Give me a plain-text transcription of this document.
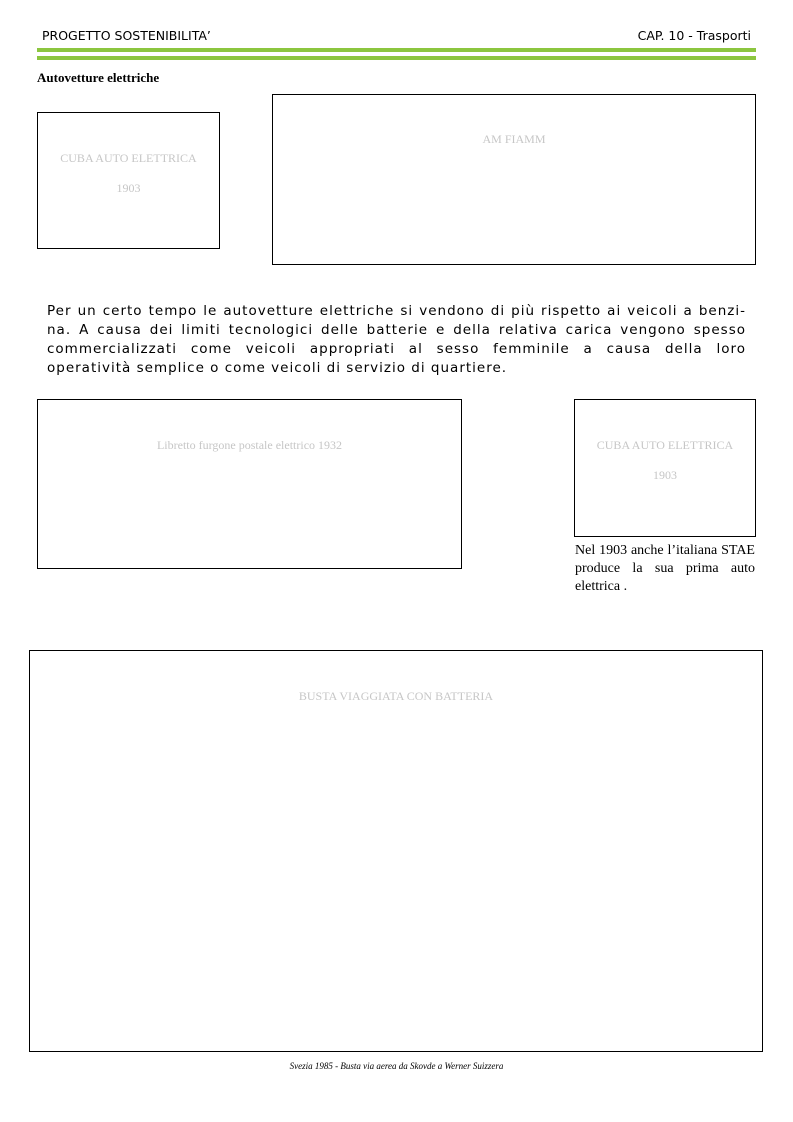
PROGETTO SOSTENIBILITA’	CAP. 10 - Trasporti
Autovetture elettriche
CUBA AUTO ELETTRICA
1903
AM FIAMM
Per un certo tempo le autovetture elettriche si vendono di più rispetto ai veicoli a benzi-na. A causa dei limiti tecnologici delle batterie e della relativa carica vengono spesso commercializzati come veicoli appropriati al sesso femminile a causa della loro operatività semplice o come veicoli di servizio di quartiere.
Libretto furgone postale elettrico 1932	CUBA AUTO ELETTRICA
1903
Nel 1903 anche l’italiana STAE produce la sua prima auto elettrica .
BUSTA VIAGGIATA CON BATTERIA
Svezia 1985 - Busta via aerea da Skovde a Werner Suizzera
